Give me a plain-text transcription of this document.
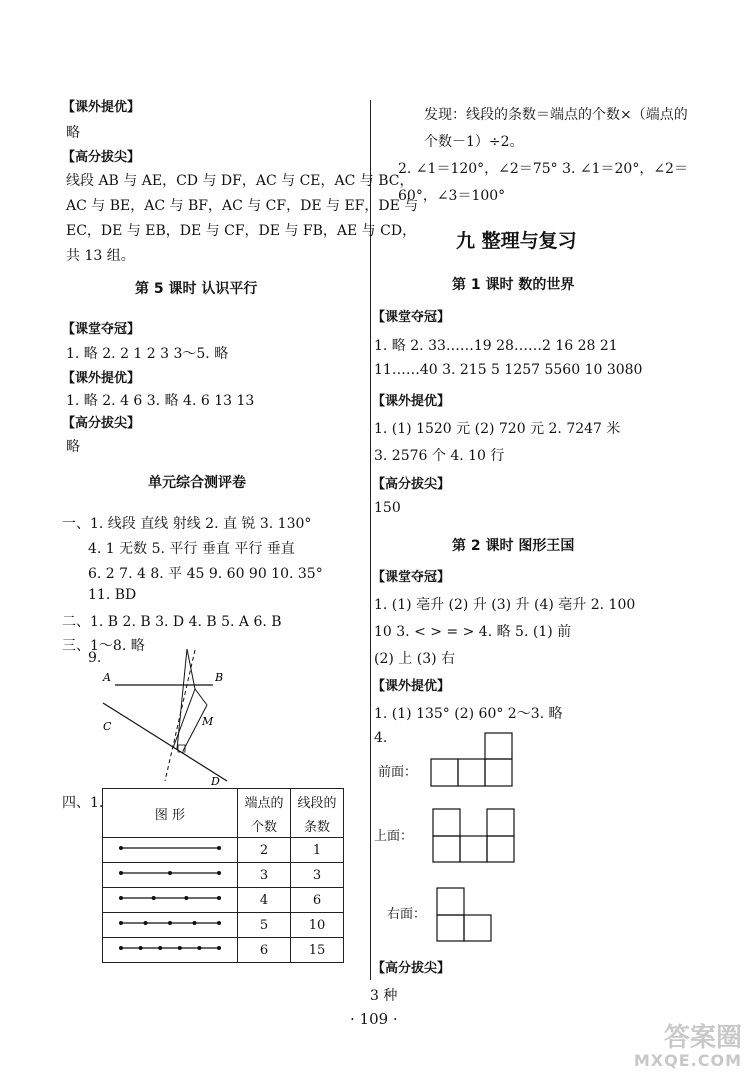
【课外提优】
略
【高分拔尖】
线段 AB 与 AE，CD 与 DF，AC 与 CE，AC 与 BC，
AC 与 BE，AC 与 BF，AC 与 CF，DE 与 EF，DE 与
EC，DE 与 EB，DE 与 CF，DE 与 FB，AE 与 CD，
共 13 组。
第 5 课时 认识平行
【课堂夺冠】
1. 略 2. 2 1 2 3 3～5. 略
【课外提优】
1. 略 2. 4 6 3. 略 4. 6 13 13
【高分拔尖】
略
单元综合测评卷
一、1. 线段 直线 射线 2. 直 锐 3. 130°
4. 1 无数 5. 平行 垂直 平行 垂直
6. 2 7. 4 8. 平 45 9. 60 90 10. 35°
11. BD
二、1. B 2. B 3. D 4. B 5. A 6. B
三、1～8. 略
9.
A	B
C	M
D
四、1.
图 形	端点的	线段的
	个数	条数
	2	1
	3	3
	4	6
	5	10
	6	15
发现：线段的条数＝端点的个数×（端点的
个数－1）÷2。
2. ∠1＝120°，∠2＝75° 3. ∠1＝20°，∠2＝
60°，∠3＝100°
九 整理与复习
第 1 课时 数的世界
【课堂夺冠】
1. 略 2. 33……19 28……2 16 28 21
11……40 3. 215 5 1257 5560 10 3080
【课外提优】
1. (1) 1520 元 (2) 720 元 2. 7247 米
3. 2576 个 4. 10 行
【高分拔尖】
150
第 2 课时 图形王国
【课堂夺冠】
1. (1) 亳升 (2) 升 (3) 升 (4) 亳升 2. 100
10 3. < > = > 4. 略 5. (1) 前
(2) 上 (3) 右
【课外提优】
1. (1) 135° (2) 60° 2～3. 略
4.
前面：
上面：
右面：
【高分拔尖】
3 种
· 109 ·
答案圈
MXQE.COM
